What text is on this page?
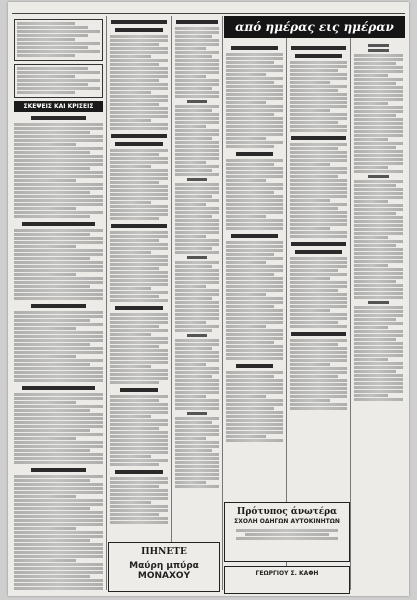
ΣΚΕΨΕΙΣ ΚΑΙ ΚΡΙΣΕΙΣ
από ημέρας εις ημέραν
ΠΗΝΕΤΕ
Μαύρη μπύρα ΜΟΝΑΧΟΥ
Πρότυπος άνωτέρα
ΣΧΟΛΗ ΟΔΗΓΩΝ ΑΥΤΟΚΙΝΗΤΩΝ
ΓΕΩΡΓΙΟΥ Σ. ΚΑΦΗ
